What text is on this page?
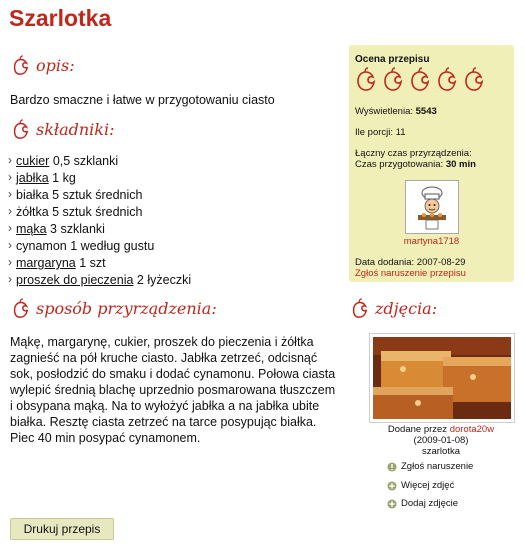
Szarlotka
opis:

Bardzo smaczne i łatwe w przygotowaniu ciasto

składniki:
› cukier 0,5 szklanki
› jabłka 1 kg
› białka 5 sztuk średnich
› żółtka 5 sztuk średnich
› mąka 3 szklanki
› cynamon 1 według gustu
› margaryna 1 szt
› proszek do pieczenia 2 łyżeczki
sposób przyrządzenia:

Mąkę, margarynę, cukier, proszek do pieczenia i żółtka zagnieść na pół kruche ciasto. Jabłka zetrzeć, odcisnąć sok, posłodzić do smaku i dodać cynamonu. Połowa ciasta wylepić średnią blachę uprzednio posmarowana tłuszczem i obsypana mąką. Na to wyłożyć jabłka a na jabłka ubite białka. Resztę ciasta zetrzeć na tarce posypując białka. Piec 40 min posypać cynamonem.

Ocena przepisu
Wyświetlenia: 5543
Ile porcji: 11
Łączny czas przyrządzenia:
Czas przygotowania: 30 min
martyna1718
Data dodania: 2007-08-29
Zgłoś naruszenie przepisu
zdjęcia:
Dodane przez dorota20w
(2009-01-08)
szarlotka
Zgłoś naruszenie
Więcej zdjęć
Dodaj zdjęcie
Drukuj przepis
